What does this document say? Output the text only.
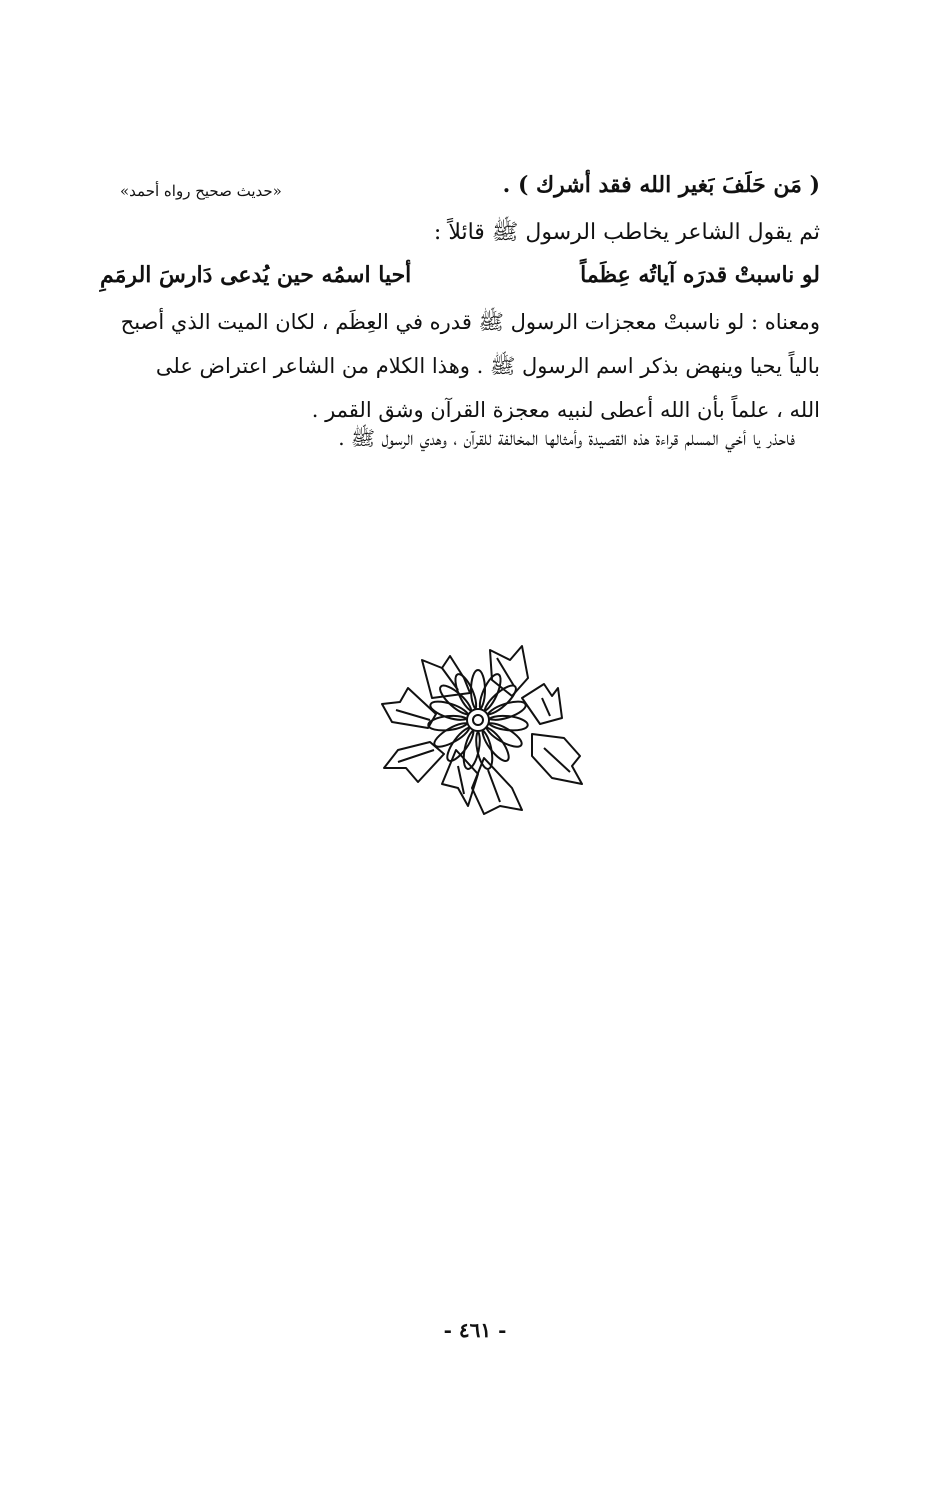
( مَن حَلَفَ بَغير الله فقد أشرك ) .
«حديث صحيح رواه أحمد»
ثم يقول الشاعر يخاطب الرسول ﷺ قائلاً :
لو ناسبتْ قدرَه آياتُه عِظَماً
أحيا اسمُه حين يُدعى دَارسَ الرمَمِ
ومعناه : لو ناسبتْ معجزات الرسول ﷺ قدره في العِظَم ، لكان الميت الذي أصبح
بالياً يحيا وينهض بذكر اسم الرسول ﷺ . وهذا الكلام من الشاعر اعتراض على
الله ، علماً بأن الله أعطى لنبيه معجزة القرآن وشق القمر .
فاحذر يا أخي المسلم قراءة هذه القصيدة وأمثالها المخالفة للقرآن ، وهدي الرسول ﷺ .
- ٤٦١ -
